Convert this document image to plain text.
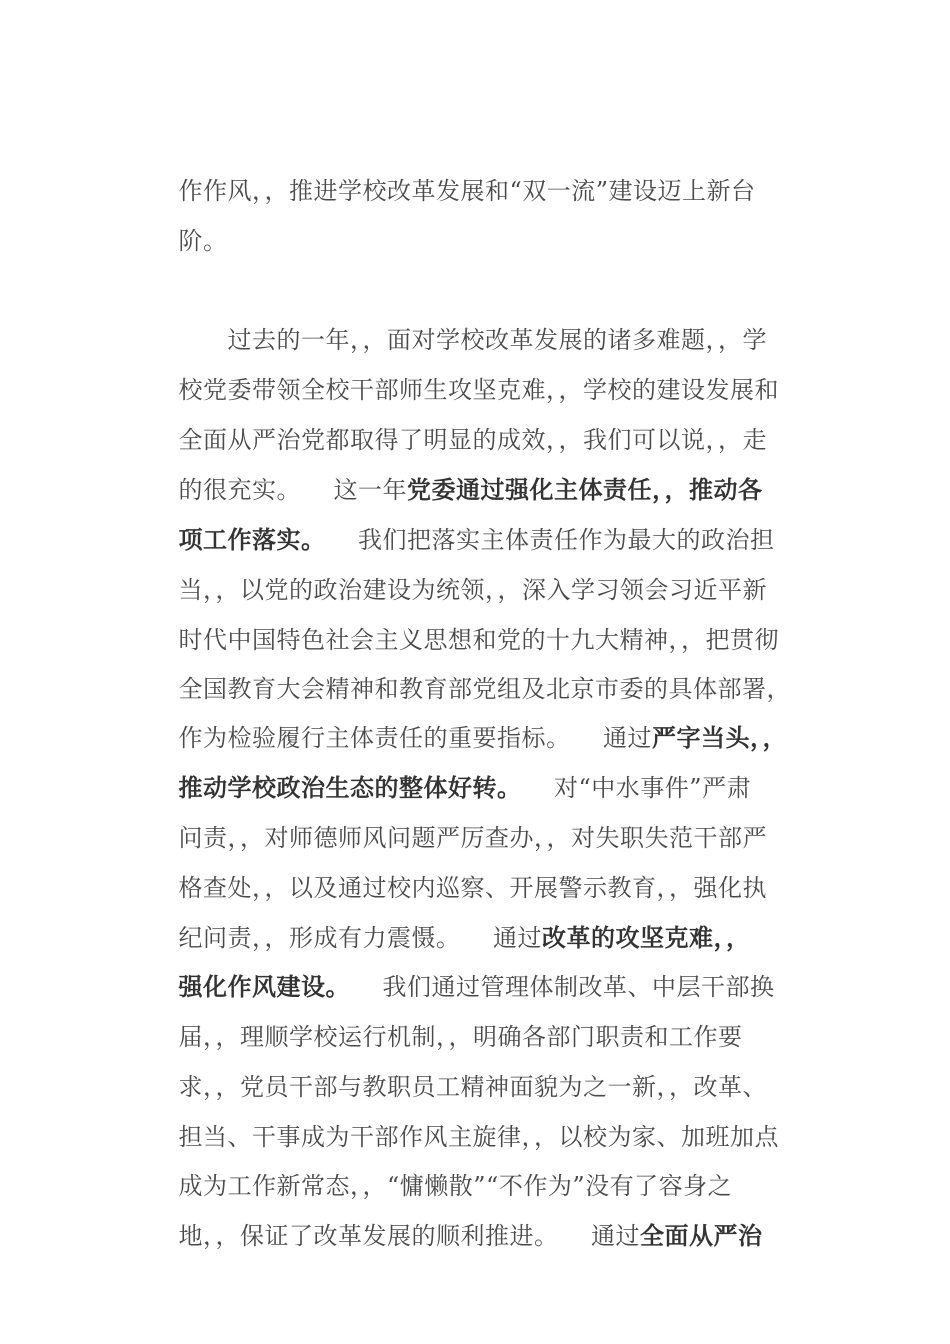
作作风，，推进学校改革发展和“双一流”建设迈上新台

阶。

过去的一年，，面对学校改革发展的诸多难题，，学

校党委带领全校干部师生攻坚克难，，学校的建设发展和

全面从严治党都取得了明显的成效，，我们可以说，，走

的很充实。    这一年党委通过强化主体责任，，推动各

项工作落实。    我们把落实主体责任作为最大的政治担

当，，以党的政治建设为统领，，深入学习领会习近平新

时代中国特色社会主义思想和党的十九大精神，，把贯彻

全国教育大会精神和教育部党组及北京市委的具体部署，

作为检验履行主体责任的重要指标。    通过严字当头，，

推动学校政治生态的整体好转。    对“中水事件”严肃

问责，，对师德师风问题严厉查办，，对失职失范干部严

格查处，，以及通过校内巡察、开展警示教育，，强化执

纪问责，，形成有力震慑。    通过改革的攻坚克难，，

强化作风建设。    我们通过管理体制改革、中层干部换

届，，理顺学校运行机制，，明确各部门职责和工作要

求，，党员干部与教职员工精神面貌为之一新，，改革、

担当、干事成为干部作风主旋律，，以校为家、加班加点

成为工作新常态，，“慵懒散”“不作为”没有了容身之

地，，保证了改革发展的顺利推进。    通过全面从严治
